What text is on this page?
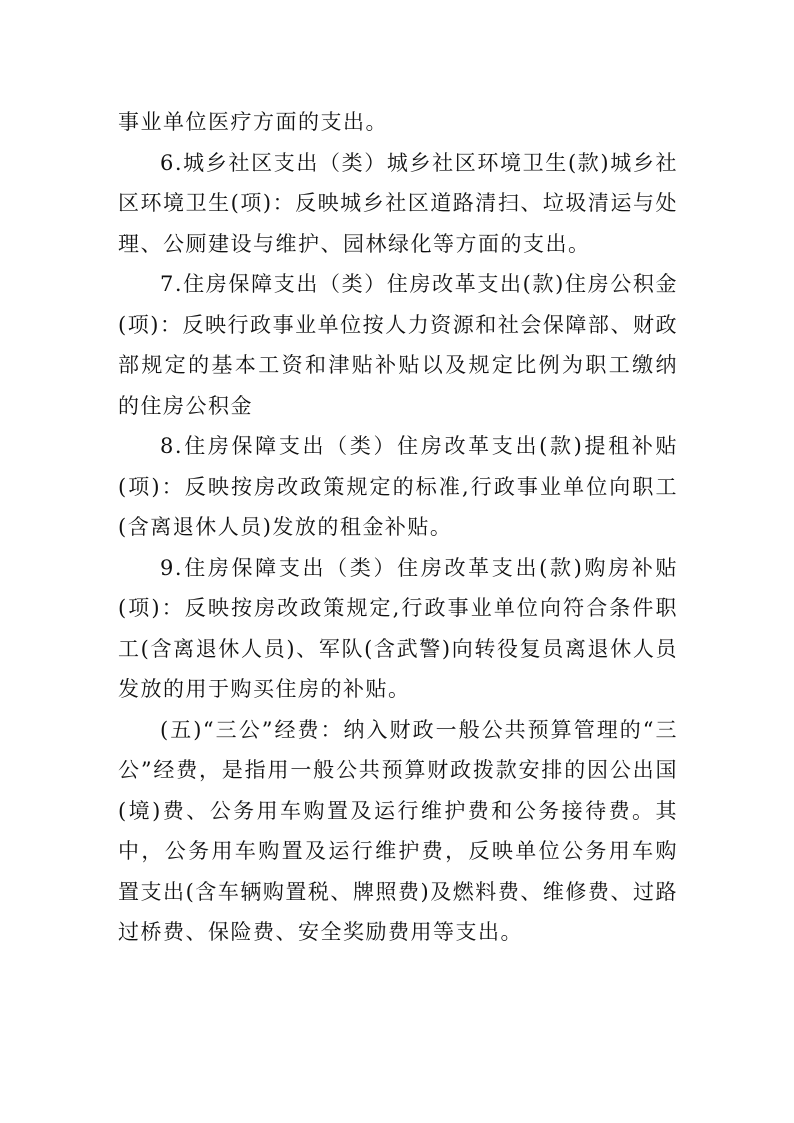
事业单位医疗方面的支出。

6.城乡社区支出（类）城乡社区环境卫生(款)城乡社区环境卫生(项)：反映城乡社区道路清扫、垃圾清运与处理、公厕建设与维护、园林绿化等方面的支出。

7.住房保障支出（类）住房改革支出(款)住房公积金(项)：反映行政事业单位按人力资源和社会保障部、财政部规定的基本工资和津贴补贴以及规定比例为职工缴纳的住房公积金

8.住房保障支出（类）住房改革支出(款)提租补贴(项)：反映按房改政策规定的标准,行政事业单位向职工(含离退休人员)发放的租金补贴。

9.住房保障支出（类）住房改革支出(款)购房补贴(项)：反映按房改政策规定,行政事业单位向符合条件职工(含离退休人员)、军队(含武警)向转役复员离退休人员发放的用于购买住房的补贴。

(五)“三公”经费：纳入财政一般公共预算管理的“三公”经费，是指用一般公共预算财政拨款安排的因公出国(境)费、公务用车购置及运行维护费和公务接待费。其中，公务用车购置及运行维护费，反映单位公务用车购置支出(含车辆购置税、牌照费)及燃料费、维修费、过路过桥费、保险费、安全奖励费用等支出。
